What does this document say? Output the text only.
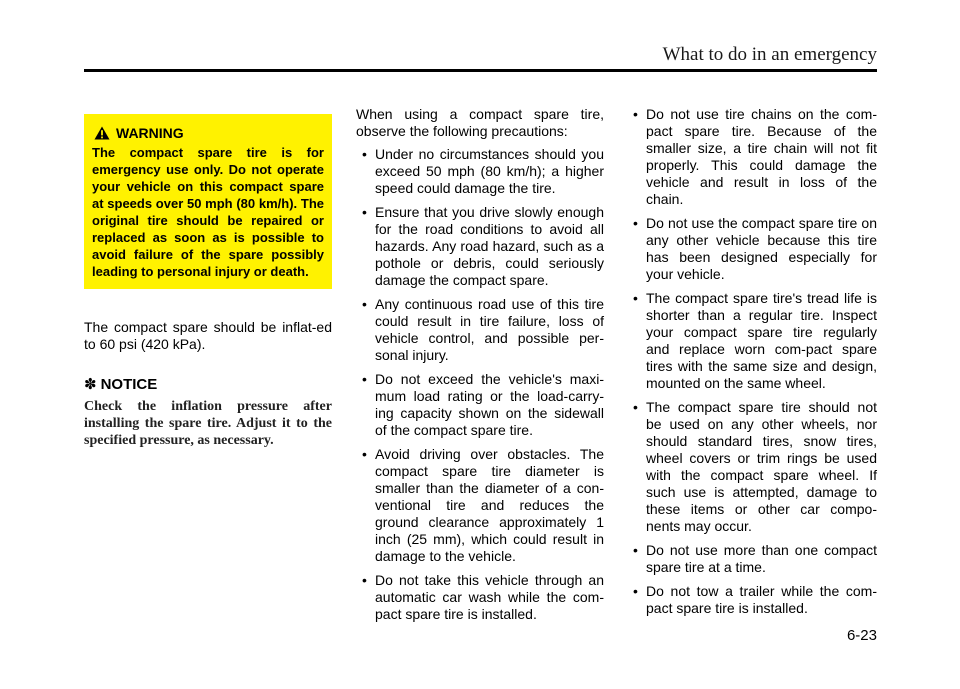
What to do in an emergency
WARNING
The compact spare tire is for emergency use only. Do not operate your vehicle on this compact spare at speeds over 50 mph (80 km/h). The original tire should be repaired or replaced as soon as is possible to avoid failure of the spare possibly leading to personal injury or death.

The compact spare should be inflat-ed to 60 psi (420 kPa).

✽ NOTICE
Check the inflation pressure after installing the spare tire. Adjust it to the specified pressure, as necessary.

When using a compact spare tire, observe the following precautions:

• Under no circumstances should you exceed 50 mph (80 km/h); a higher speed could damage the tire.
• Ensure that you drive slowly enough for the road conditions to avoid all hazards. Any road hazard, such as a pothole or debris, could seriously damage the compact spare.
• Any continuous road use of this tire could result in tire failure, loss of vehicle control, and possible per-sonal injury.
• Do not exceed the vehicle's maxi-mum load rating or the load-carry-ing capacity shown on the sidewall of the compact spare tire.
• Avoid driving over obstacles. The compact spare tire diameter is smaller than the diameter of a con-ventional tire and reduces the ground clearance approximately 1 inch (25 mm), which could result in damage to the vehicle.
• Do not take this vehicle through an automatic car wash while the com-pact spare tire is installed.
• Do not use tire chains on the com-pact spare tire. Because of the smaller size, a tire chain will not fit properly. This could damage the vehicle and result in loss of the chain.
• Do not use the compact spare tire on any other vehicle because this tire has been designed especially for your vehicle.
• The compact spare tire's tread life is shorter than a regular tire. Inspect your compact spare tire regularly and replace worn com-pact spare tires with the same size and design, mounted on the same wheel.
• The compact spare tire should not be used on any other wheels, nor should standard tires, snow tires, wheel covers or trim rings be used with the compact spare wheel. If such use is attempted, damage to these items or other car compo-nents may occur.
• Do not use more than one compact spare tire at a time.
• Do not tow a trailer while the com-pact spare tire is installed.
6-23
